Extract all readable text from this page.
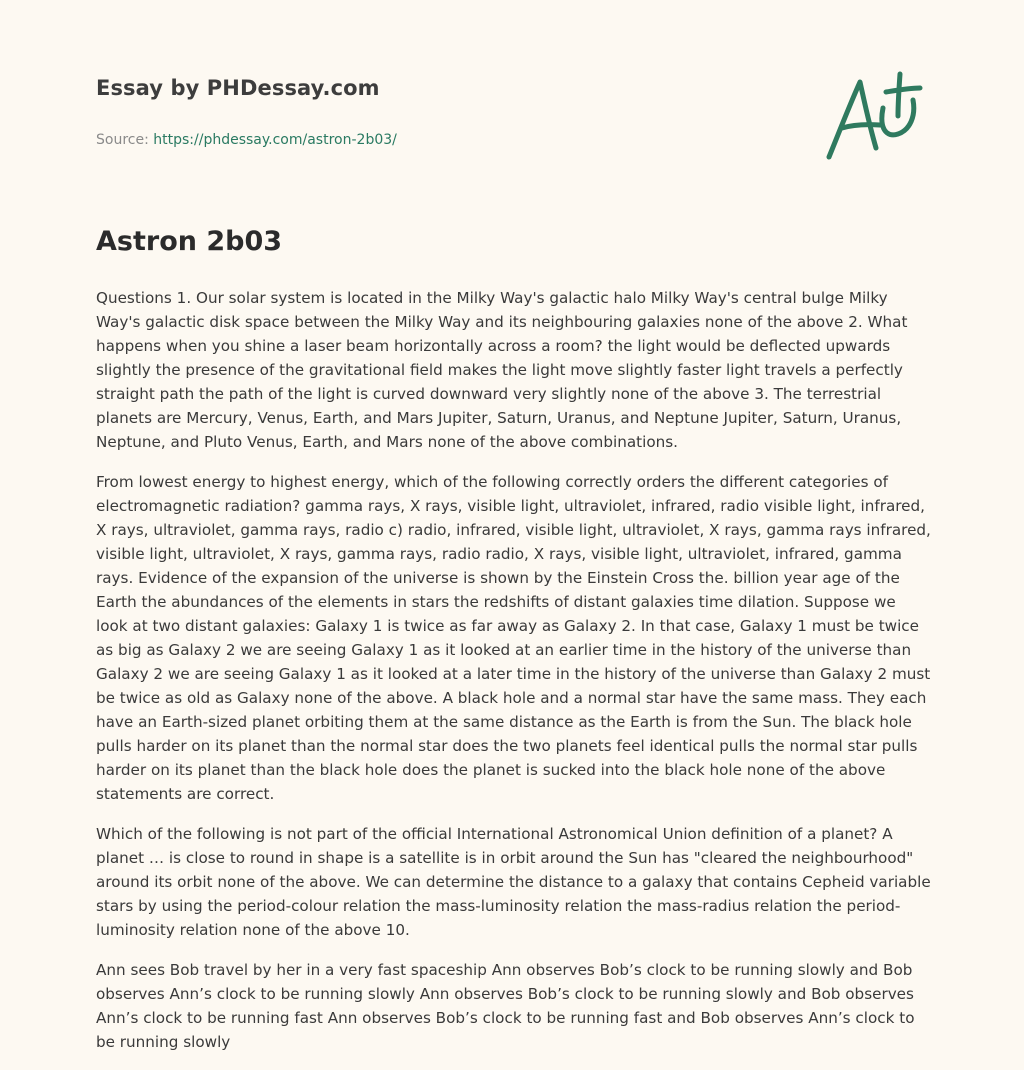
Essay by PHDessay.com
Source: https://phdessay.com/astron-2b03/
Astron 2b03

Questions 1. Our solar system is located in the Milky Way's galactic halo Milky Way's central bulge Milky Way's galactic disk space between the Milky Way and its neighbouring galaxies none of the above 2. What happens when you shine a laser beam horizontally across a room? the light would be deflected upwards slightly the presence of the gravitational field makes the light move slightly faster light travels a perfectly straight path the path of the light is curved downward very slightly none of the above 3. The terrestrial planets are Mercury, Venus, Earth, and Mars Jupiter, Saturn, Uranus, and Neptune Jupiter, Saturn, Uranus, Neptune, and Pluto Venus, Earth, and Mars none of the above combinations.

From lowest energy to highest energy, which of the following correctly orders the different categories of electromagnetic radiation? gamma rays, X rays, visible light, ultraviolet, infrared, radio visible light, infrared, X rays, ultraviolet, gamma rays, radio c) radio, infrared, visible light, ultraviolet, X rays, gamma rays infrared, visible light, ultraviolet, X rays, gamma rays, radio radio, X rays, visible light, ultraviolet, infrared, gamma rays. Evidence of the expansion of the universe is shown by the Einstein Cross the. billion year age of the Earth the abundances of the elements in stars the redshifts of distant galaxies time dilation. Suppose we look at two distant galaxies: Galaxy 1 is twice as far away as Galaxy 2. In that case, Galaxy 1 must be twice as big as Galaxy 2 we are seeing Galaxy 1 as it looked at an earlier time in the history of the universe than Galaxy 2 we are seeing Galaxy 1 as it looked at a later time in the history of the universe than Galaxy 2 must be twice as old as Galaxy none of the above. A black hole and a normal star have the same mass. They each have an Earth-sized planet orbiting them at the same distance as the Earth is from the Sun. The black hole pulls harder on its planet than the normal star does the two planets feel identical pulls the normal star pulls harder on its planet than the black hole does the planet is sucked into the black hole none of the above statements are correct.

Which of the following is not part of the official International Astronomical Union definition of a planet? A planet … is close to round in shape is a satellite is in orbit around the Sun has "cleared the neighbourhood" around its orbit none of the above. We can determine the distance to a galaxy that contains Cepheid variable stars by using the period-colour relation the mass-luminosity relation the mass-radius relation the period-luminosity relation none of the above 10.

Ann sees Bob travel by her in a very fast spaceship Ann observes Bob’s clock to be running slowly and Bob observes Ann’s clock to be running slowly Ann observes Bob’s clock to be running slowly and Bob observes Ann’s clock to be running fast Ann observes Bob’s clock to be running fast and Bob observes Ann’s clock to be running slowly
